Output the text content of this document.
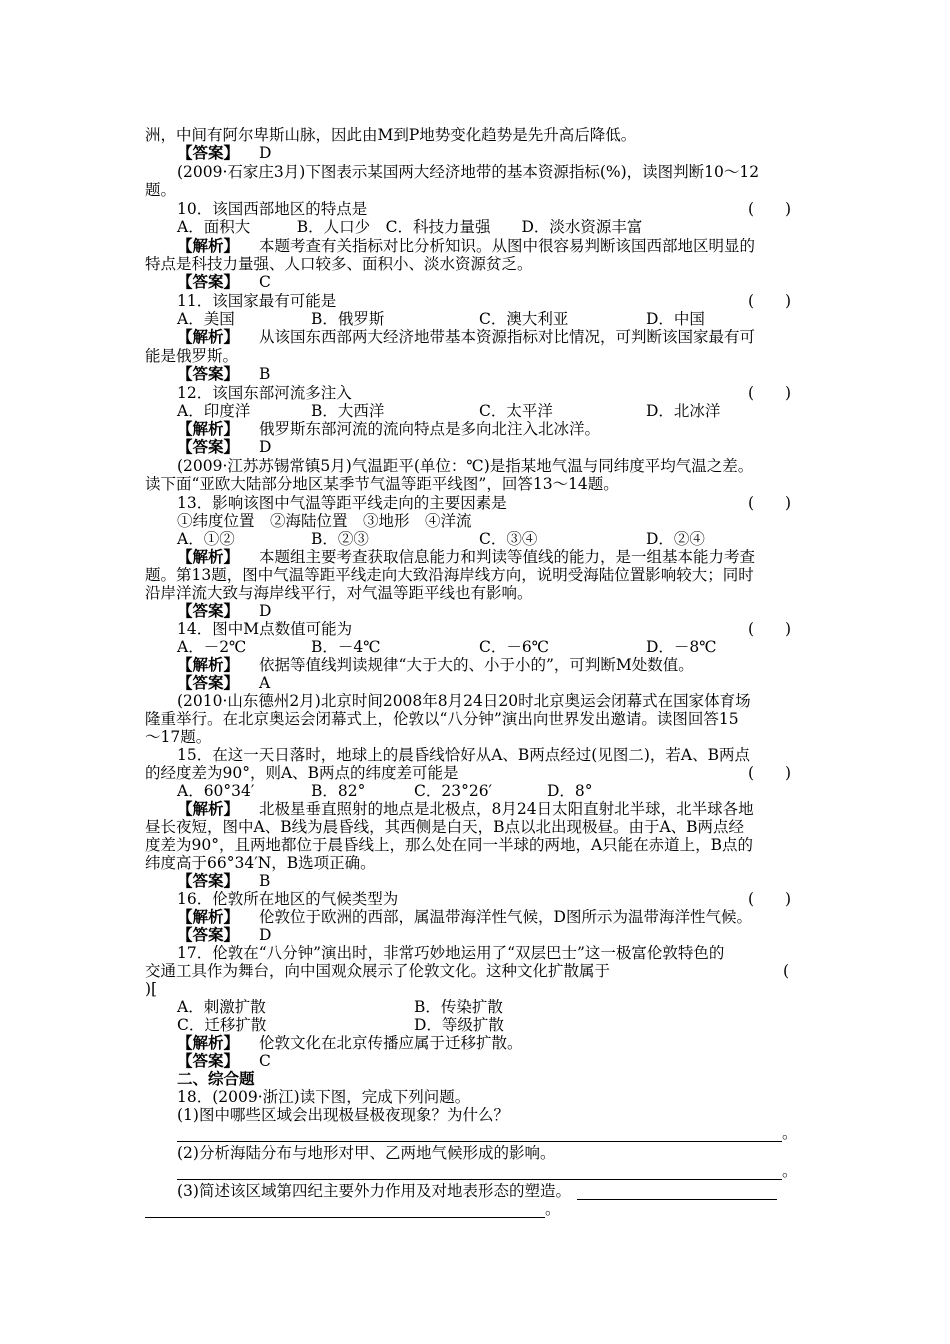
洲，中间有阿尔卑斯山脉，因此由M到P地势变化趋势是先升高后降低。
【答案】 D
(2009·石家庄3月)下图表示某国两大经济地带的基本资源指标(%)，读图判断10～12
题。
10．该国西部地区的特点是	(　　)
A．面积大　　　B．人口少　C．科技力量强　　D．淡水资源丰富
【解析】 本题考查有关指标对比分析知识。从图中很容易判断该国西部地区明显的
特点是科技力量强、人口较多、面积小、淡水资源贫乏。
【答案】 C
11．该国家最有可能是	(　　)
A．美国	B．俄罗斯	C．澳大利亚	D．中国
【解析】 从该国东西部两大经济地带基本资源指标对比情况，可判断该国家最有可
能是俄罗斯。
【答案】 B
12．该国东部河流多注入	(　　)
A．印度洋	B．大西洋	C．太平洋	D．北冰洋
【解析】 俄罗斯东部河流的流向特点是多向北注入北冰洋。
【答案】 D
(2009·江苏苏锡常镇5月)气温距平(单位：℃)是指某地气温与同纬度平均气温之差。
读下面“亚欧大陆部分地区某季节气温等距平线图”，回答13～14题。
13．影响该图中气温等距平线走向的主要因素是	(　　)
①纬度位置　②海陆位置　③地形　④洋流
A．①②	B．②③	C．③④	D．②④
【解析】 本题组主要考查获取信息能力和判读等值线的能力，是一组基本能力考查
题。第13题，图中气温等距平线走向大致沿海岸线方向，说明受海陆位置影响较大；同时
沿岸洋流大致与海岸线平行，对气温等距平线也有影响。
【答案】 D
14．图中M点数值可能为	(　　)
A．－2℃	B．－4℃	C．－6℃	D．－8℃
【解析】 依据等值线判读规律“大于大的、小于小的”，可判断M处数值。
【答案】 A
(2010·山东德州2月)北京时间2008年8月24日20时北京奥运会闭幕式在国家体育场
隆重举行。在北京奥运会闭幕式上，伦敦以“八分钟”演出向世界发出邀请。读图回答15
～17题。
15．在这一天日落时，地球上的晨昏线恰好从A、B两点经过(见图二)，若A、B两点
的经度差为90°，则A、B两点的纬度差可能是	(　　)
A．60°34′	B．82°	C．23°26′	D．8°
【解析】 北极星垂直照射的地点是北极点，8月24日太阳直射北半球，北半球各地
昼长夜短，图中A、B线为晨昏线，其西侧是白天，B点以北出现极昼。由于A、B两点经
度差为90°，且两地都位于晨昏线上，那么处在同一半球的两地，A只能在赤道上，B点的
纬度高于66°34′N，B选项正确。
【答案】 B
16．伦敦所在地区的气候类型为	(　　)
【解析】 伦敦位于欧洲的西部，属温带海洋性气候，D图所示为温带海洋性气候。
【答案】 D
17．伦敦在“八分钟”演出时，非常巧妙地运用了“双层巴士”这一极富伦敦特色的
交通工具作为舞台，向中国观众展示了伦敦文化。这种文化扩散属于	(
)[
A．刺激扩散	B．传染扩散
C．迁移扩散	D．等级扩散
【解析】 伦敦文化在北京传播应属于迁移扩散。
【答案】 C
二、综合题
18．(2009·浙江)读下图，完成下列问题。
(1)图中哪些区域会出现极昼极夜现象？为什么？
。
(2)分析海陆分布与地形对甲、乙两地气候形成的影响。
。
(3)简述该区域第四纪主要外力作用及对地表形态的塑造。
。
